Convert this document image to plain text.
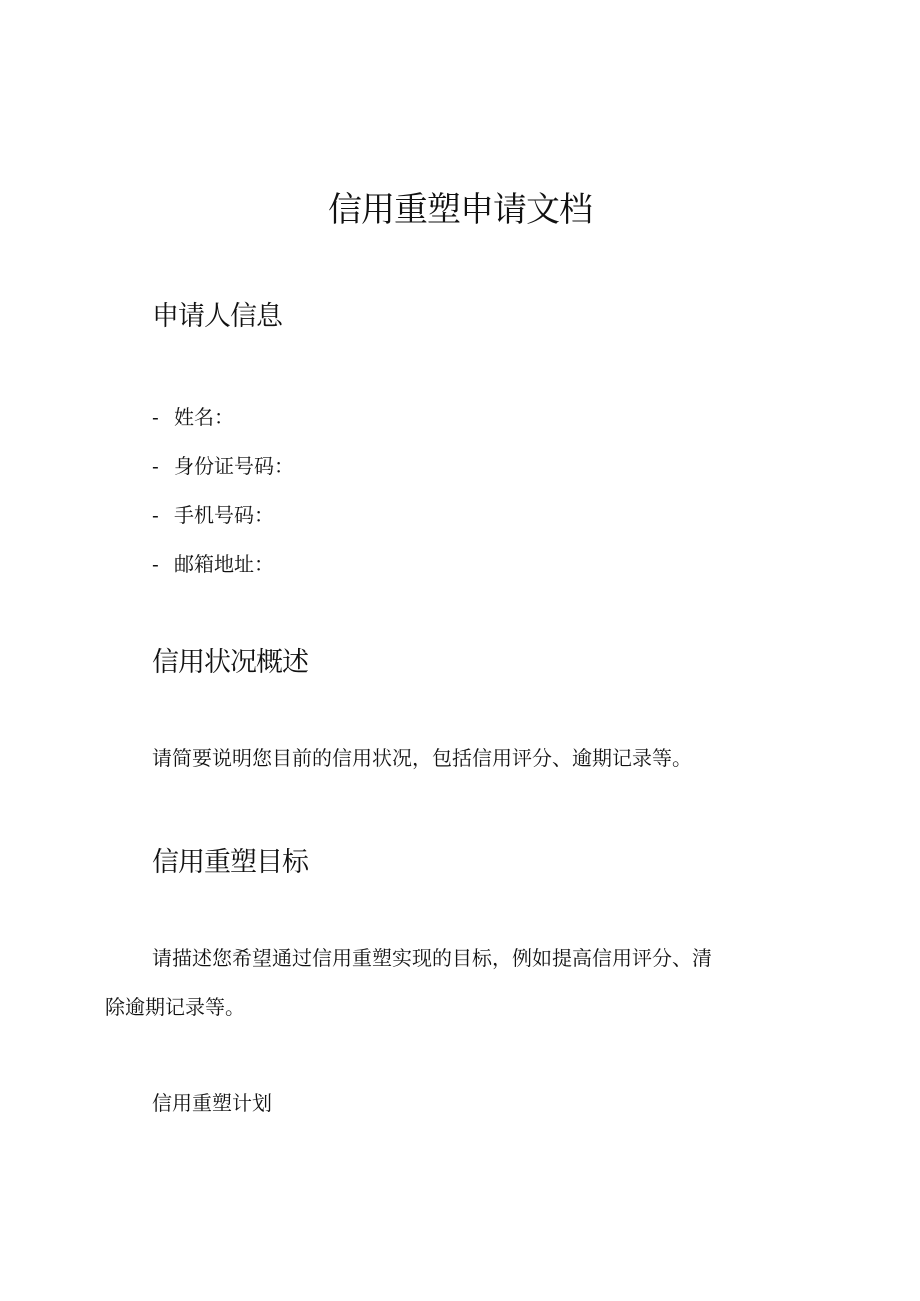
信用重塑申请文档
申请人信息
- 姓名：
- 身份证号码：
- 手机号码：
- 邮箱地址：
信用状况概述

请简要说明您目前的信用状况，包括信用评分、逾期记录等。

信用重塑目标

请描述您希望通过信用重塑实现的目标，例如提高信用评分、清

除逾期记录等。

信用重塑计划
